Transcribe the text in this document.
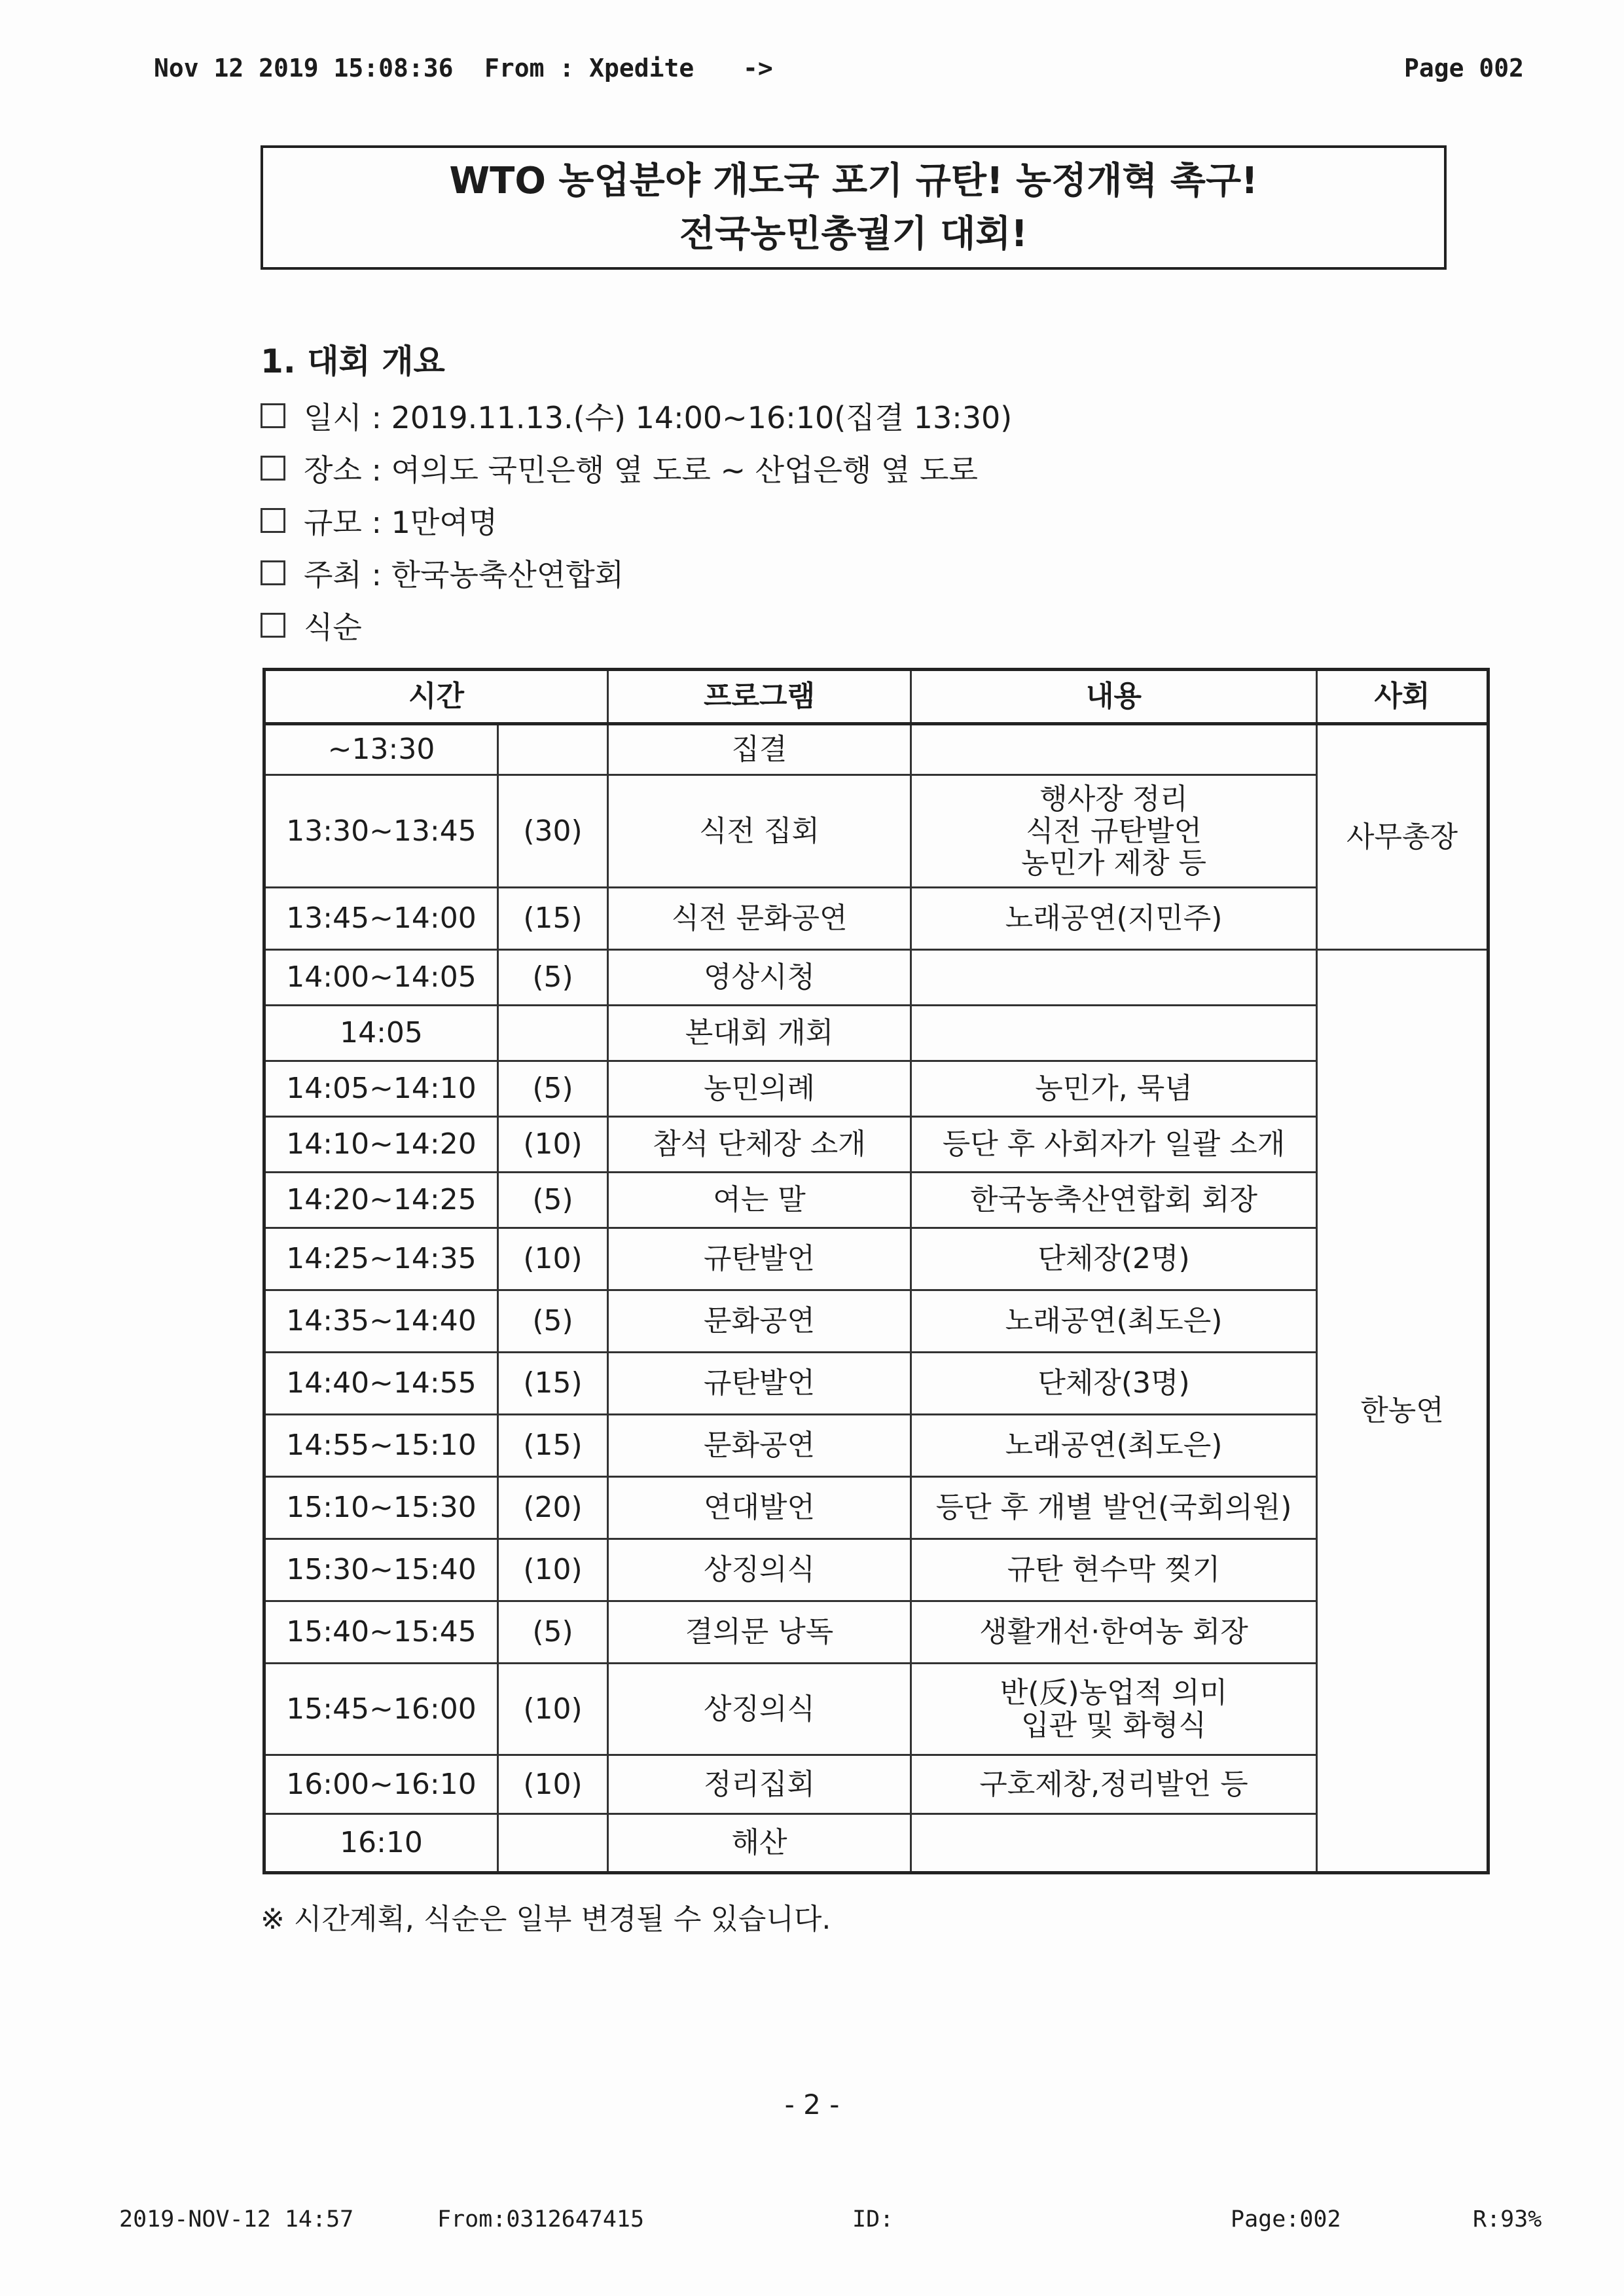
Nov 12 2019 15:08:36 From : Xpedite ->	Page 002
WTO 농업분야 개도국 포기 규탄! 농정개혁 촉구!
전국농민총궐기 대회!
1. 대회 개요
일시 : 2019.11.13.(수) 14:00~16:10(집결 13:30)
장소 : 여의도 국민은행 옆 도로 ~ 산업은행 옆 도로
규모 : 1만여명
주최 : 한국농축산연합회
식순
시간		프로그램	내용	사회
~13:30		집결		사무총장
13:30~13:45	(30)	식전 집회	행사장 정리
식전 규탄발언
농민가 제창 등	

13:45~14:00	(15)	식전 문화공연	노래공연(지민주)	

14:00~14:05	(5)	영상시청		한농연
14:05		본대회 개회		
14:05~14:10	(5)	농민의례	농민가, 묵념	

14:10~14:20	(10)	참석 단체장 소개	등단 후 사회자가 일괄 소개	

14:20~14:25	(5)	여는 말	한국농축산연합회 회장	

14:25~14:35	(10)	규탄발언	단체장(2명)	

14:35~14:40	(5)	문화공연	노래공연(최도은)	

14:40~14:55	(15)	규탄발언	단체장(3명)	

14:55~15:10	(15)	문화공연	노래공연(최도은)	

15:10~15:30	(20)	연대발언	등단 후 개별 발언(국회의원)	

15:30~15:40	(10)	상징의식	규탄 현수막 찢기	

15:40~15:45	(5)	결의문 낭독	생활개선·한여농 회장	

15:45~16:00	(10)	상징의식	반(反)농업적 의미
입관 및 화형식	

16:00~16:10	(10)	정리집회	구호제창,정리발언 등	

16:10		해산		
※ 시간계획, 식순은 일부 변경될 수 있습니다.
- 2 -
2019-NOV-12 14:57	From:0312647415	ID:	Page:002	R:93%
